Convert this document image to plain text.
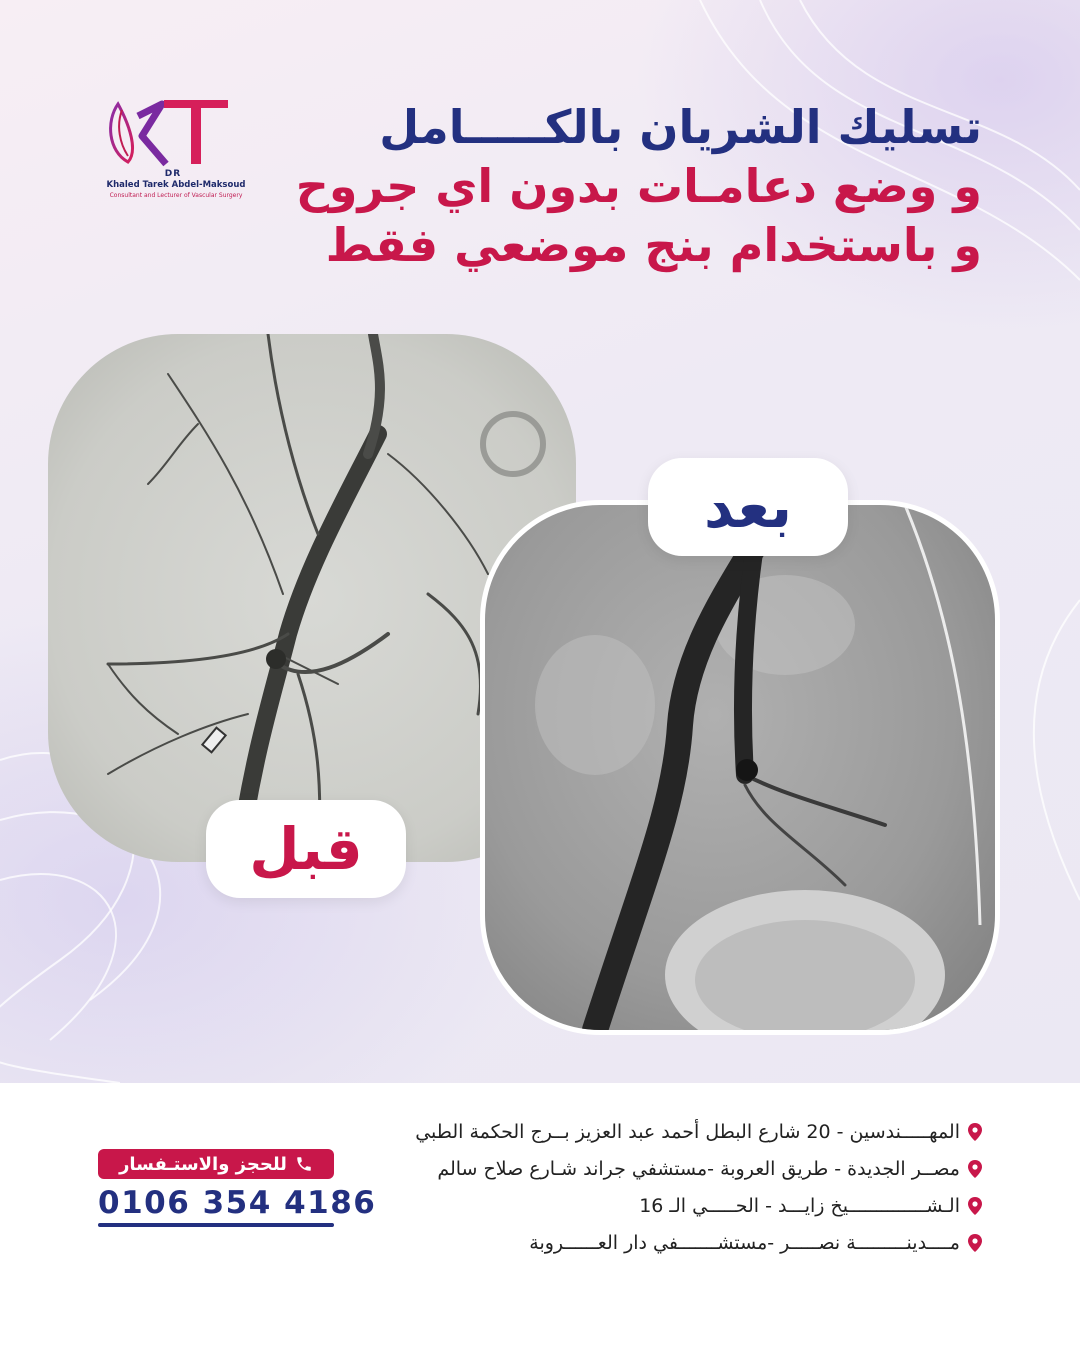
DR
Khaled Tarek Abdel-Maksoud
Consultant and Lecturer of Vascular Surgery
تسليك الشريان بالكـــــامل
و وضع دعامـات بدون اي جروح
و باستخدام بنج موضعي فقط
بعد
قبل
المهـــــندسين - 20 شارع البطل أحمد عبد العزيز بــرج الحكمة الطبي
مصــر الجديدة - طريق العروبة -مستشفي جراند شـارع صلاح سالم
الـشــــــــــــــيخ زايـــد - الحـــــي الـ 16
مــــدينـــــــــة نصـــــر -مستشـــــــفي دار العــــــروبة
للحجز والاستـفسار
0106 354 4186
